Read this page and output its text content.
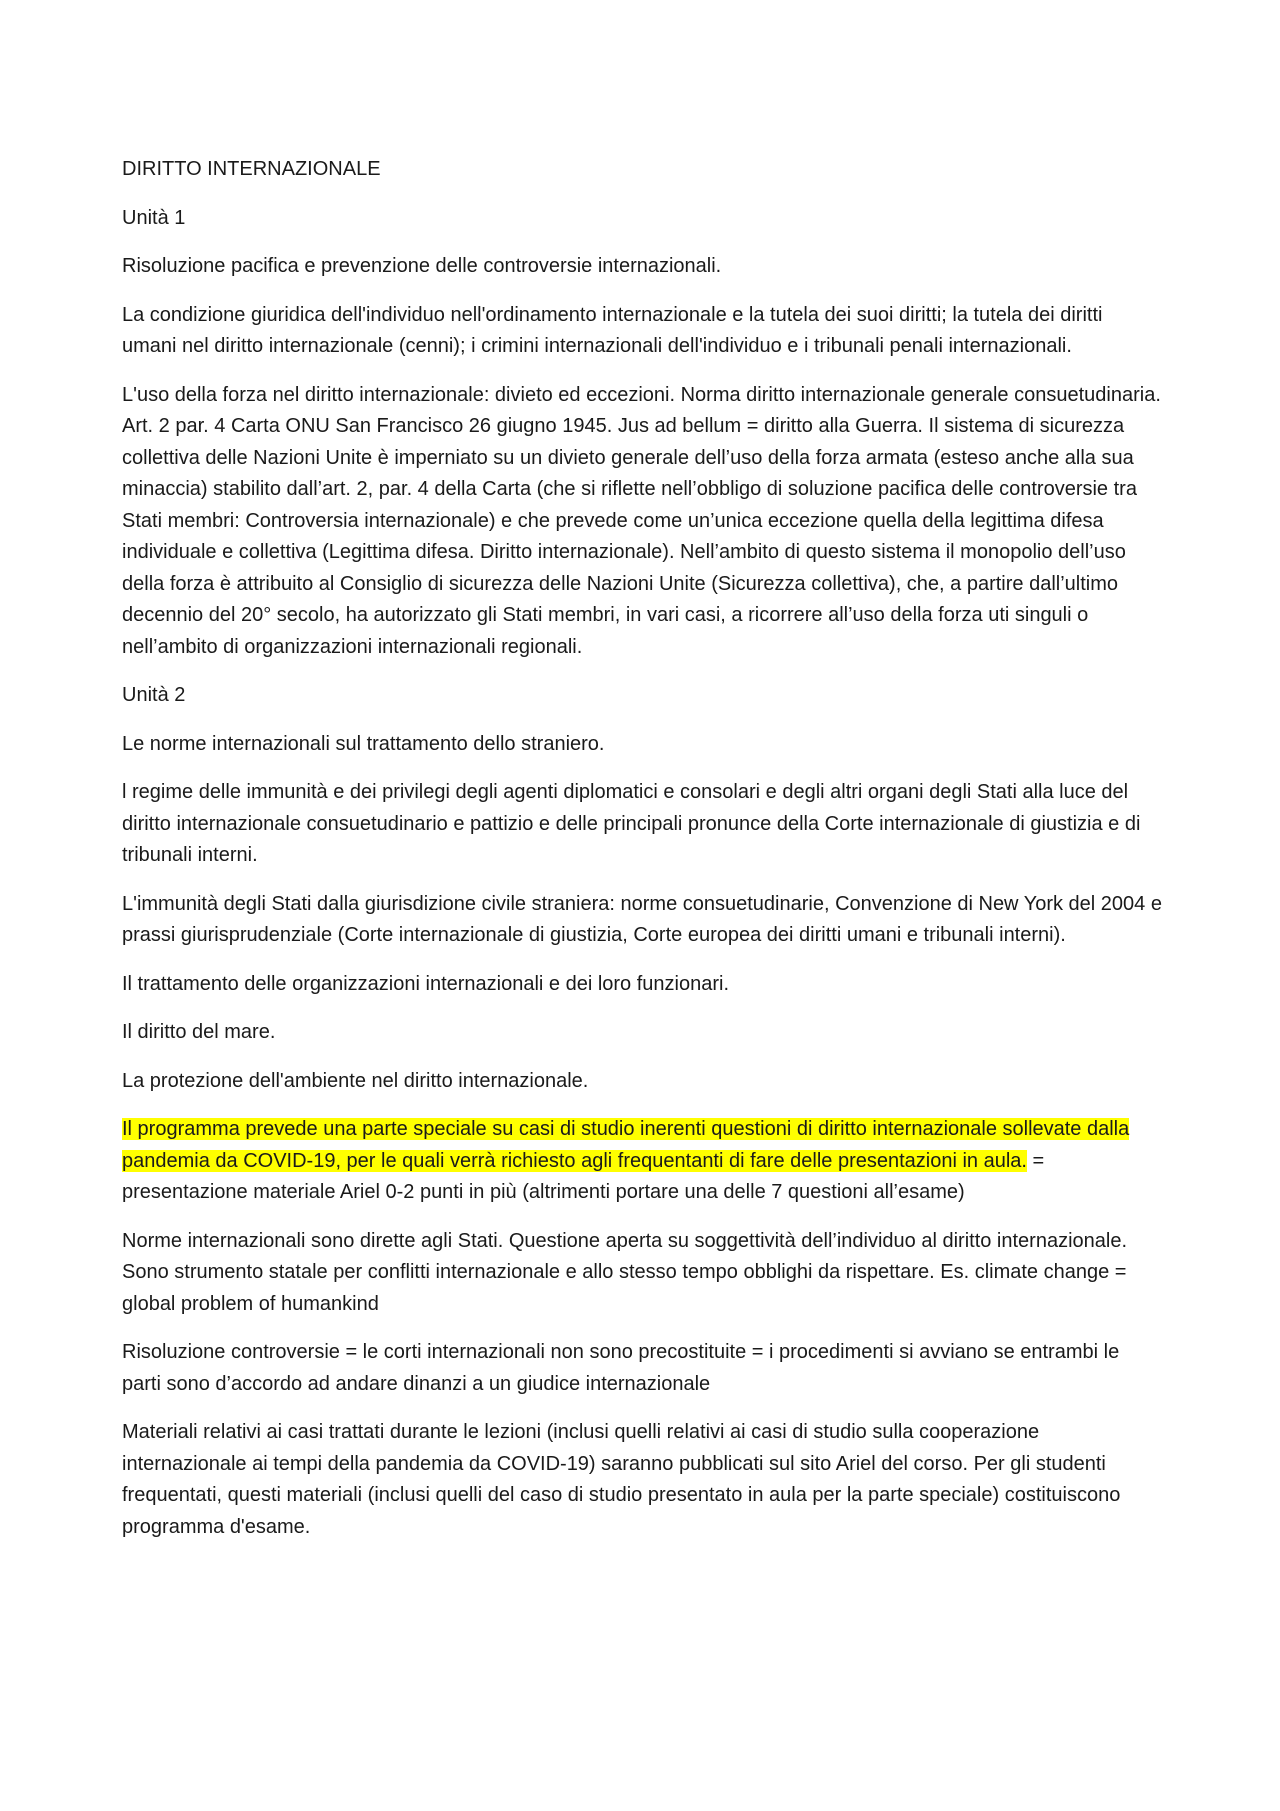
DIRITTO INTERNAZIONALE

Unità 1

Risoluzione pacifica e prevenzione delle controversie internazionali.

La condizione giuridica dell'individuo nell'ordinamento internazionale e la tutela dei suoi diritti; la tutela dei diritti umani nel diritto internazionale (cenni); i crimini internazionali dell'individuo e i tribunali penali internazionali.

L'uso della forza nel diritto internazionale: divieto ed eccezioni. Norma diritto internazionale generale consuetudinaria. Art. 2 par. 4 Carta ONU San Francisco 26 giugno 1945. Jus ad bellum = diritto alla Guerra. Il sistema di sicurezza collettiva delle Nazioni Unite è imperniato su un divieto generale dell’uso della forza armata (esteso anche alla sua minaccia) stabilito dall’art. 2, par. 4 della Carta (che si riflette nell’obbligo di soluzione pacifica delle controversie tra Stati membri: Controversia internazionale) e che prevede come un’unica eccezione quella della legittima difesa individuale e collettiva (Legittima difesa. Diritto internazionale). Nell’ambito di questo sistema il monopolio dell’uso della forza è attribuito al Consiglio di sicurezza delle Nazioni Unite (Sicurezza collettiva), che, a partire dall’ultimo decennio del 20° secolo, ha autorizzato gli Stati membri, in vari casi, a ricorrere all’uso della forza uti singuli o nell’ambito di organizzazioni internazionali regionali.

Unità 2

Le norme internazionali sul trattamento dello straniero.

l regime delle immunità e dei privilegi degli agenti diplomatici e consolari e degli altri organi degli Stati alla luce del diritto internazionale consuetudinario e pattizio e delle principali pronunce della Corte internazionale di giustizia e di tribunali interni.

L'immunità degli Stati dalla giurisdizione civile straniera: norme consuetudinarie, Convenzione di New York del 2004 e prassi giurisprudenziale (Corte internazionale di giustizia, Corte europea dei diritti umani e tribunali interni).

Il trattamento delle organizzazioni internazionali e dei loro funzionari.

Il diritto del mare.

La protezione dell'ambiente nel diritto internazionale.

Il programma prevede una parte speciale su casi di studio inerenti questioni di diritto internazionale sollevate dalla pandemia da COVID-19, per le quali verrà richiesto agli frequentanti di fare delle presentazioni in aula. = presentazione materiale Ariel 0-2 punti in più (altrimenti portare una delle 7 questioni all’esame)

Norme internazionali sono dirette agli Stati. Questione aperta su soggettività dell’individuo al diritto internazionale. Sono strumento statale per conflitti internazionale e allo stesso tempo obblighi da rispettare. Es. climate change = global problem of humankind

Risoluzione controversie = le corti internazionali non sono precostituite = i procedimenti si avviano se entrambi le parti sono d’accordo ad andare dinanzi a un giudice internazionale

Materiali relativi ai casi trattati durante le lezioni (inclusi quelli relativi ai casi di studio sulla cooperazione internazionale ai tempi della pandemia da COVID-19) saranno pubblicati sul sito Ariel del corso. Per gli studenti frequentati, questi materiali (inclusi quelli del caso di studio presentato in aula per la parte speciale) costituiscono programma d'esame.
